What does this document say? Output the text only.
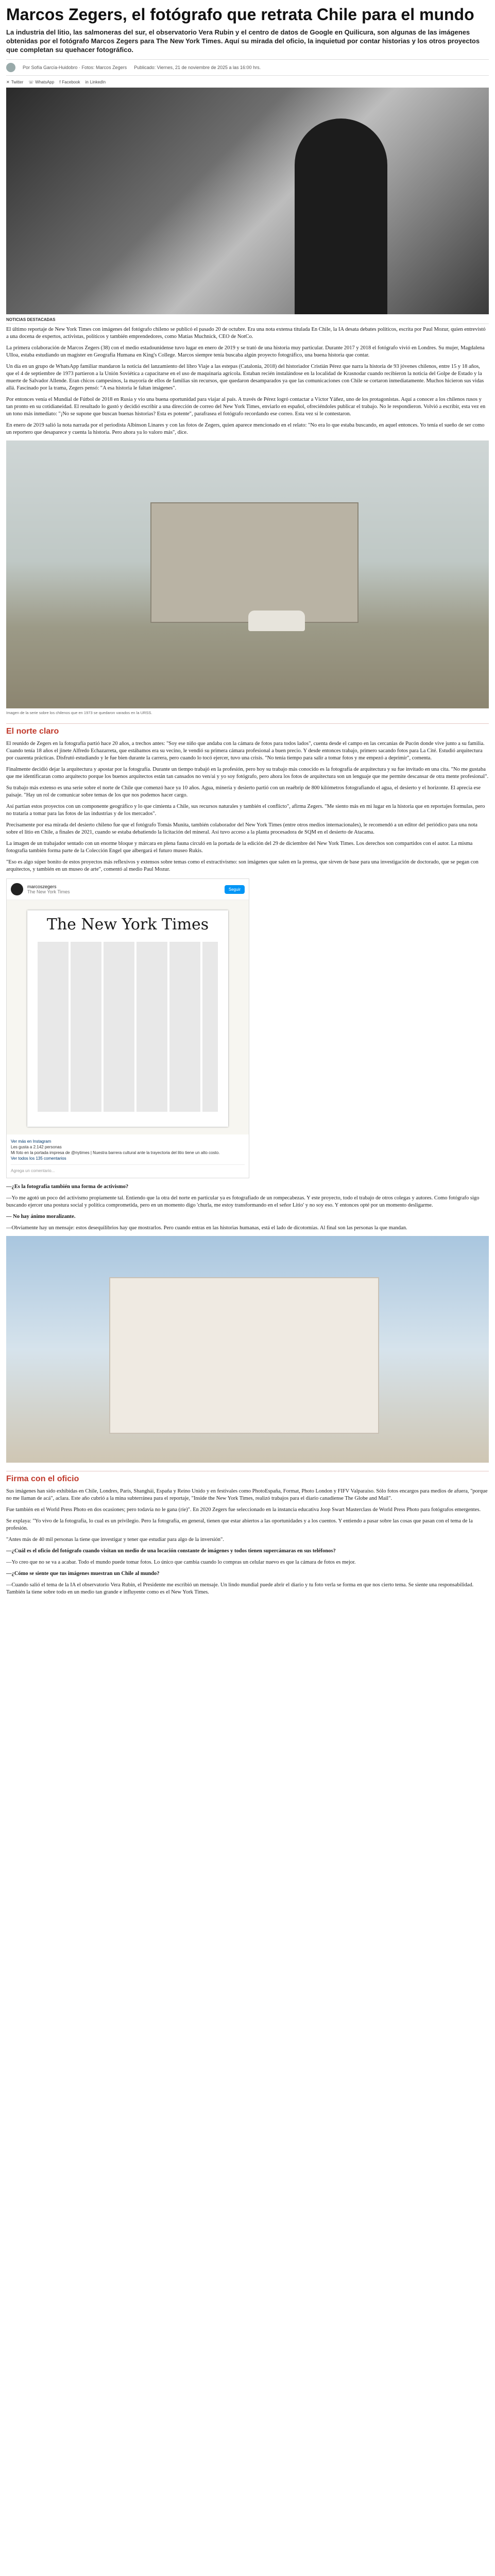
Marcos Zegers, el fotógrafo que retrata Chile para el mundo

La industria del litio, las salmoneras del sur, el observatorio Vera Rubin y el centro de datos de Google en Quilicura, son algunas de las imágenes obtenidas por el fotógrafo Marcos Zegers para The New York Times. Aquí su mirada del oficio, la inquietud por contar historias y los otros proyectos que completan su quehacer fotográfico.

Por Sofía García-Huidobro · Fotos: Marcos Zegers Publicado: Viernes, 21 de noviembre de 2025 a las 16:00 hrs.
✕ Twitter ☏ WhatsApp f Facebook in LinkedIn
NOTICIAS DESTACADAS

El último reportaje de New York Times con imágenes del fotógrafo chileno se publicó el pasado 20 de octubre. Era una nota extensa titulada En Chile, la IA desata debates políticos, escrita por Paul Mozur, quien entrevistó a una docena de expertos, activistas, políticos y también emprendedores, como Matías Muchnick, CEO de NotCo.

La primera colaboración de Marcos Zegers (38) con el medio estadounidense tuvo lugar en enero de 2019 y se trató de una historia muy particular. Durante 2017 y 2018 el fotógrafo vivió en Londres. Su mujer, Magdalena Ulloa, estaba estudiando un magíster en Geografía Humana en King's College. Marcos siempre tenía buscaba algún proyecto fotográfico, una buena historia que contar.

Un día en un grupo de WhatsApp familiar mandaron la noticia del lanzamiento del libro Viaje a las estepas (Catalonia, 2018) del historiador Cristián Pérez que narra la historia de 93 jóvenes chilenos, entre 15 y 18 años, que el 4 de septiembre de 1973 partieron a la Unión Soviética a capacitarse en el uso de maquinaria agrícola. Estaban recién instalándose en la localidad de Krasnodar cuando recibieron la noticia del Golpe de Estado y la muerte de Salvador Allende. Eran chicos campesinos, la mayoría de ellos de familias sin recursos, que quedaron desamparados ya que las comunicaciones con Chile se cortaron inmediatamente. Muchos hicieron sus vidas allá. Fascinado por la trama, Zegers pensó: "A esa historia le faltan imágenes".

Por entonces venía el Mundial de Fútbol de 2018 en Rusia y vio una buena oportunidad para viajar al país. A través de Pérez logró contactar a Víctor Yáñez, uno de los protagonistas. Aquí a conocer a los chilenos rusos y tan pronto en su cotidianeidad. El resultado lo gustó y decidió escribir a una dirección de correo del New York Times, enviarlo en español, ofreciéndoles publicar el trabajo. No le respondieron. Volvió a escribir, esta vez en un tono más inmediato: "¡No se supone que buscan buenas historias? Esta es potente", parafrasea el fotógrafo recordando ese correo. Esta vez sí le contestaron.

En enero de 2019 salió la nota narrada por el periodista Albinson Linares y con las fotos de Zegers, quien aparece mencionado en el relato: "No era lo que estaba buscando, en aquel entonces. Yo tenía el sueño de ser como un reportero que desaparece y cuenta la historia. Pero ahora ya lo valoro más", dice.

Imagen de la serie sobre los chilenos que en 1973 se quedaron varados en la URSS.
El norte claro

El reunido de Zegers en la fotografía partió hace 20 años, a trechos antes: "Soy ese niño que andaba con la cámara de fotos para todos lados", cuenta desde el campo en las cercanías de Pucón donde vive junto a su familia. Cuando tenía 18 años el jinete Alfredo Echazarreta, que estábamos era su vecino, le vendió su primera cámara profesional a buen precio. Y desde entonces trabajo, primero sacando fotos para La Cité. Estudió arquitectura por cuarenta prácticas. Disfrutó estudiando y le fue bien durante la carrera, pero cuando lo tocó ejercer, tuvo una crisis. "No tenía tiempo para salir a tomar fotos y me empezó a deprimir", comenta.

Finalmente decidió dejar la arquitectura y apostar por la fotografía. Durante un tiempo trabajó en la profesión, pero hoy su trabajo más conocido es la fotografía de arquitectura y su fue invitado en una cita. "No me gustaba que me identificaran como arquitecto porque los buenos arquitectos están tan cansados no ven/ai y yo soy fotógrafo, pero ahora los fotos de arquitectura son un lenguaje que me permite descansar de otra mente profesional".

Su trabajo más extenso es una serie sobre el norte de Chile que comenzó hace ya 10 años. Agua, minería y desierto partió con un reaébrip de 800 kilómetros fotografiando el agua, el desierto y el horizonte. El aprecia ese paisaje. "Hay un rol de comunicar sobre temas de los que nos podemos hacer cargo.

Así partían estos proyectos con un componente geográfico y lo que cimienta a Chile, sus recursos naturales y también el conflicto", afirma Zegers. "Me siento más en mi lugar en la historia que en reportajes formulas, pero no trataría a tomar para las fotos de las industrias y de los mercados".

Precisamente por esa mirada del desierto chileno fue que el fotógrafo Tomás Munita, también colaborador del New York Times (entre otros medios internacionales), le recomendó a un editor del periódico para una nota sobre el litio en Chile, a finales de 2021, cuando se estaba debatiendo la licitación del mineral. Así tuvo acceso a la planta procesadora de SQM en el desierto de Atacama.

La imagen de un trabajador sentado con un enorme bloque y márcara en plena fauna circuló en la portada de la edición del 29 de diciembre del New York Times. Los derechos son compartidos con el autor. La misma fotografía también forma parte de la Colección Engel que albergará el futuro museo Rukis.

"Eso es algo súper bonito de estos proyectos más reflexivos y extensos sobre temas como el extractivismo: son imágenes que salen en la prensa, que sirven de base para una investigación de doctorado, que se pegan con arquitectos, y también en un museo de arte", comentó al medio Paul Mozur.

marcoszegers
The New York Times	Seguir
The New York Times
Ver más en Instagram
Les gusta a 2.142 personas
Mi foto en la portada impresa de @nytimes | Nuestra barrera cultural ante la trayectoria del litio tiene un alto costo.
Ver todos los 135 comentarios
Agrega un comentario...

—¿Es la fotografía también una forma de activismo?

—Yo me agotó un poco del activismo propiamente tal. Entiendo que la otra del norte en particular ya es fotografiado de un rompecabezas. Y este proyecto, todo el trabajo de otros colegas y autores. Como fotógrafo sigo buscando ejercer una postura social y política comprometida, pero en un momento digo 'churla, me estoy transformando en el señor Litio' y no soy eso. Y entonces opté por un momento desligarme.

— No hay ánimo moralizante.

—Obviamente hay un mensaje: estos desequilibrios hay que mostrarlos. Pero cuando entras en las historias humanas, está el lado de dicotomías. Al final son las personas la que mandan.

Firma con el oficio

Sus imágenes han sido exhibidas en Chile, Londres, París, Shanghái, España y Reino Unido y en festivales como PhotoEspaña, Format, Photo London y FIFV Valparaíso. Sólo fotos encargos para medios de afuera, "porque no me llaman de acá", aclara. Este año cubrió a la mina subterránea para el reportaje, "Inside the New York Times, realizó trabajos para el diario canadiense The Globe and Mail".

Fue también en el World Press Photo en dos ocasiones; pero todavía no le gana (ríe)". En 2020 Zegers fue seleccionado en la instancia educativa Joop Swart Masterclass de World Press Photo para fotógrafos emergentes.

Se explaya: "Yo vivo de la fotografía, lo cual es un privilegio. Pero la fotografía, en general, tienen que estar abiertos a las oportunidades y a los cuentos. Y entiendo a pasar sobre las cosas que pasan con el tema de la profesión.

"Antes más de 40 mil personas la tiene que investigar y tener que estudiar para algo de la inversión".

—¿Cuál es el oficio del fotógrafo cuando visitan un medio de una locación constante de imágenes y todos tienen supercámaras en sus teléfonos?

—Yo creo que no se va a acabar. Todo el mundo puede tomar fotos. Lo único que cambia cuando lo compras un celular nuevo es que la cámara de fotos es mejor.

—¿Cómo se siente que tus imágenes muestran un Chile al mundo?

—Cuando salió el tema de la IA el observatorio Vera Rubin, el Presidente me escribió un mensaje. Un lindo mundial puede abrir el diario y tu foto verla se forma en que nos cierto tema. Se siente una responsabilidad. También la tiene sobre todo en un medio tan grande e influyente como es el New York Times.
